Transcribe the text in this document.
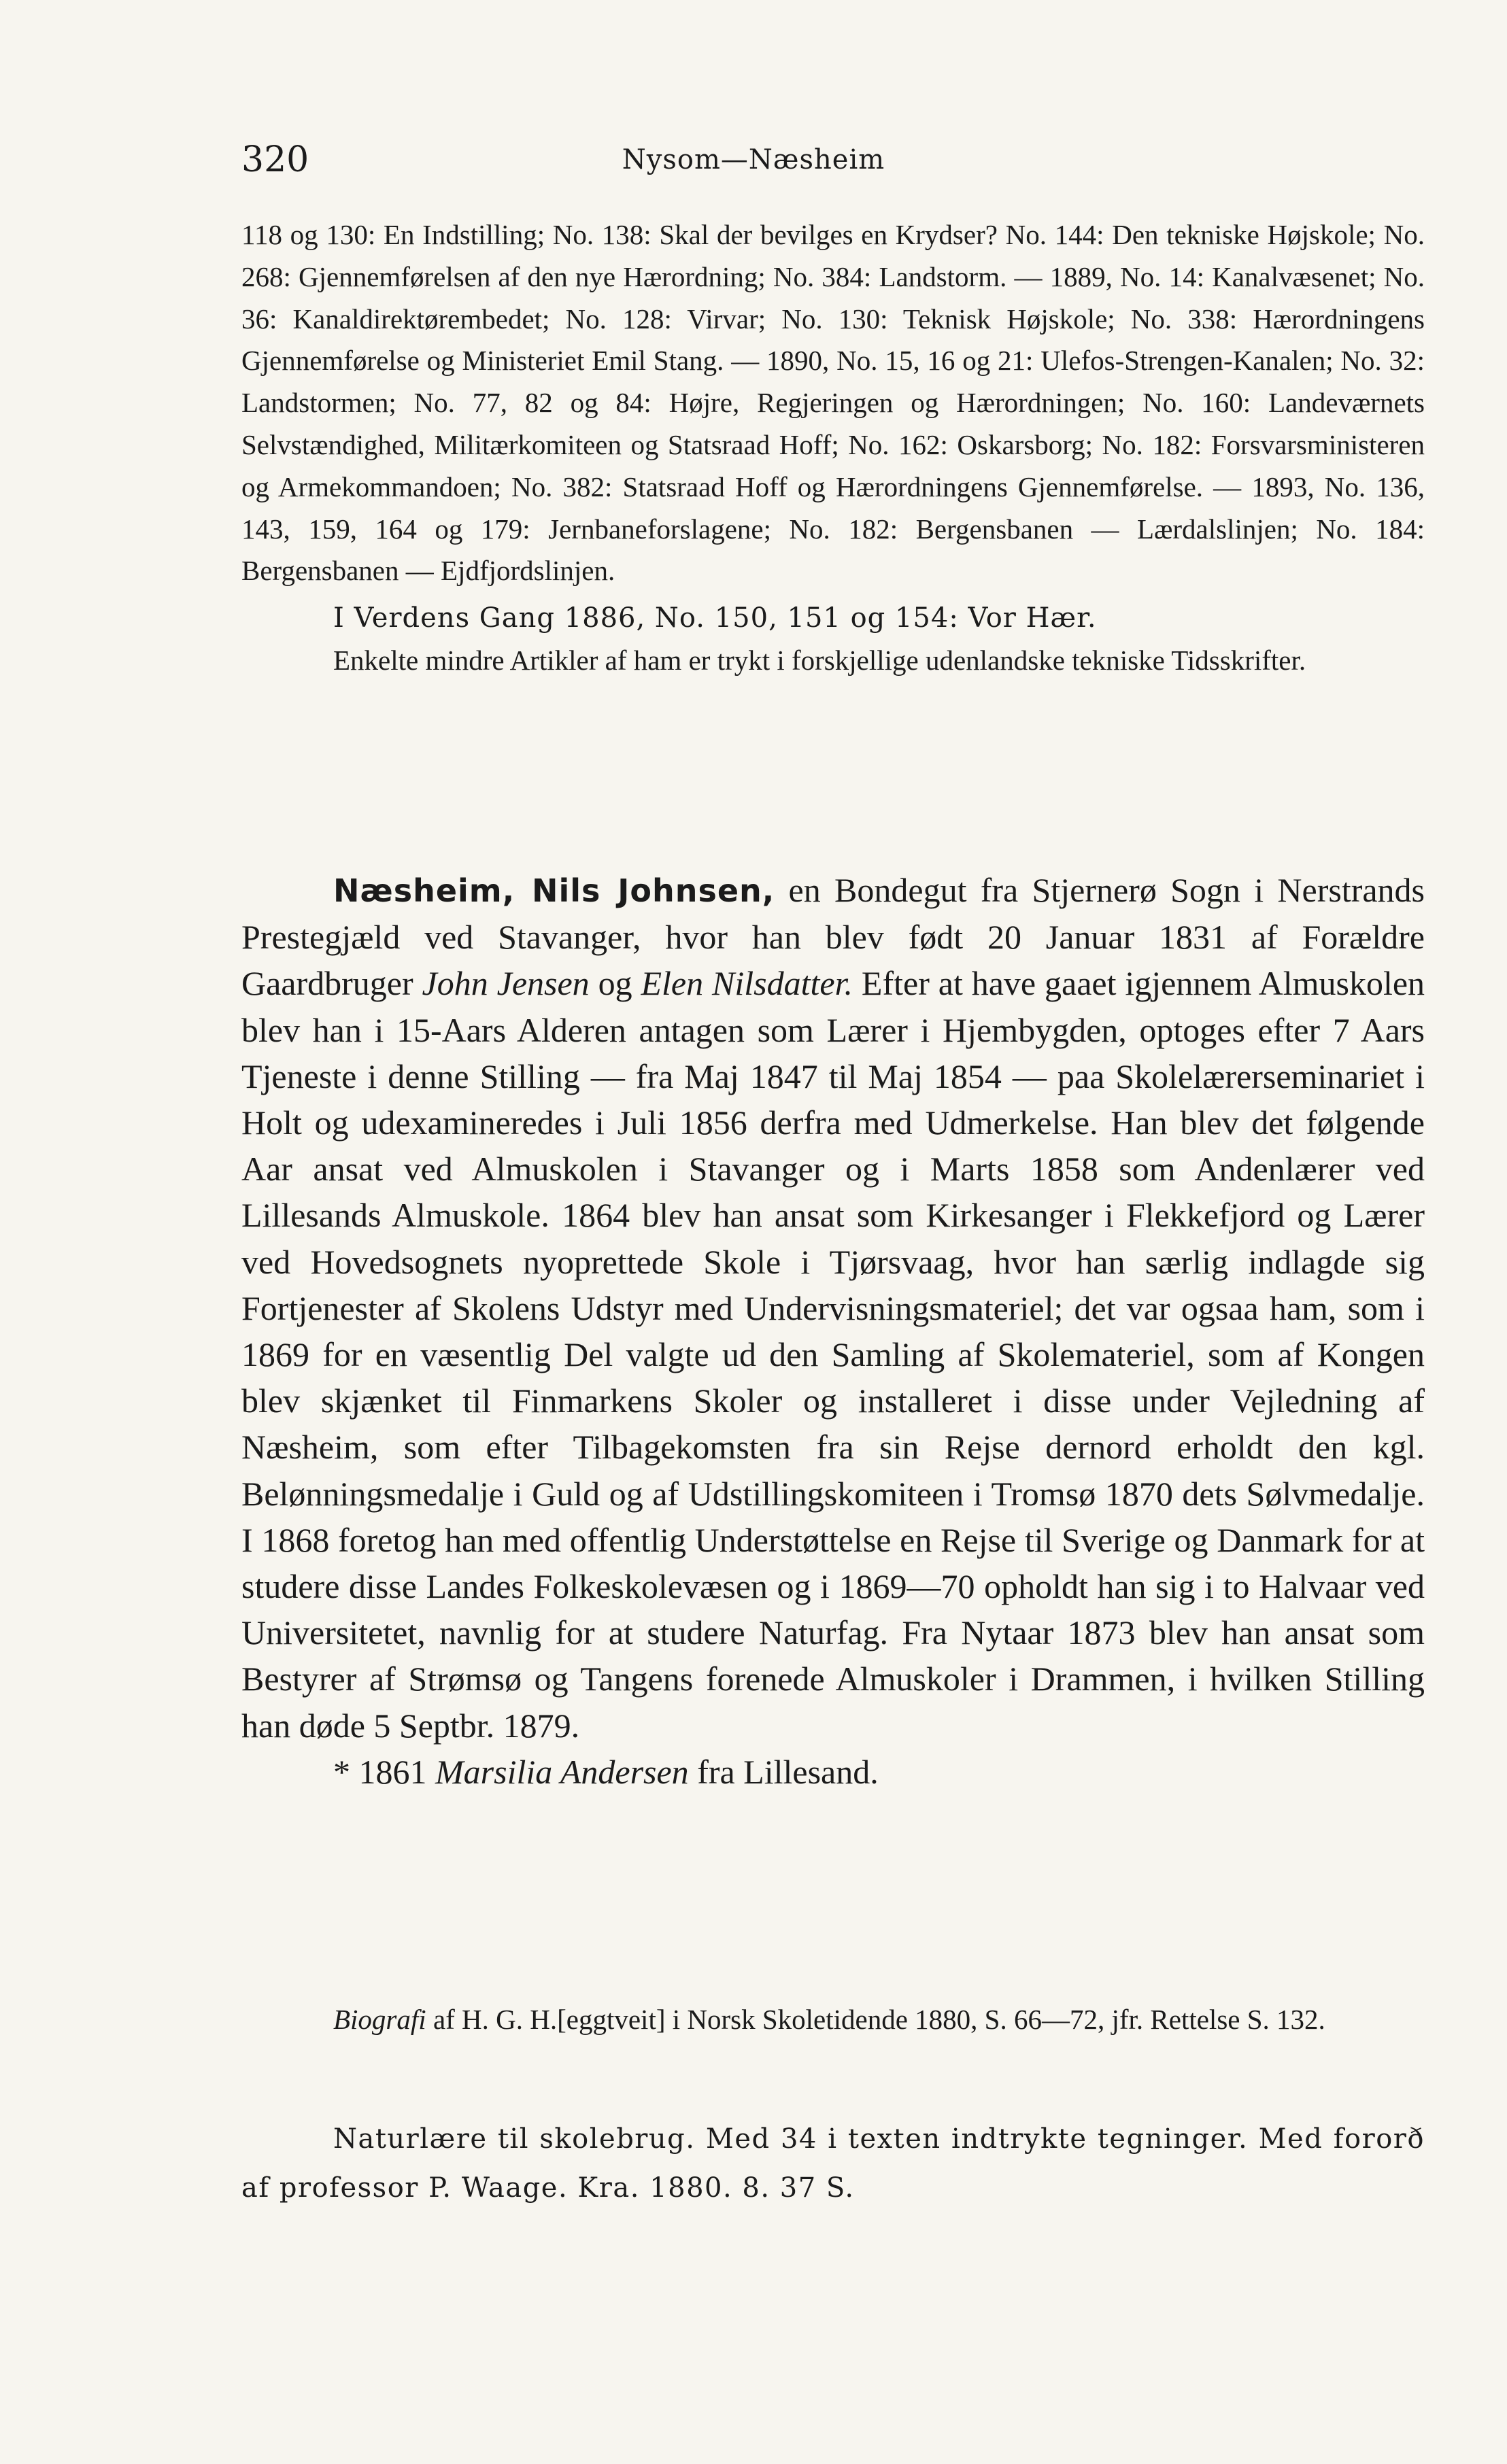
320	Nysom—Næsheim

118 og 130: En Indstilling; No. 138: Skal der bevilges en Krydser? No. 144: Den tekniske Højskole; No. 268: Gjennemførelsen af den nye Hærordning; No. 384: Landstorm. — 1889, No. 14: Kanalvæsenet; No. 36: Kanaldirektørembedet; No. 128: Virvar; No. 130: Teknisk Højskole; No. 338: Hærordningens Gjennemførelse og Ministeriet Emil Stang. — 1890, No. 15, 16 og 21: Ulefos-Strengen-Kanalen; No. 32: Landstormen; No. 77, 82 og 84: Højre, Regjeringen og Hærordningen; No. 160: Landeværnets Selvstændighed, Militærkomiteen og Statsraad Hoff; No. 162: Oskarsborg; No. 182: Forsvarsministeren og Armekommandoen; No. 382: Statsraad Hoff og Hærordningens Gjennemførelse. — 1893, No. 136, 143, 159, 164 og 179: Jernbaneforslagene; No. 182: Bergensbanen — Lærdalslinjen; No. 184: Bergensbanen — Ejdfjordslinjen.

I Verdens Gang 1886, No. 150, 151 og 154: Vor Hær.

Enkelte mindre Artikler af ham er trykt i forskjellige udenlandske tekniske Tidsskrifter.

Næsheim, Nils Johnsen, en Bondegut fra Stjernerø Sogn i Nerstrands Prestegjæld ved Stavanger, hvor han blev født 20 Januar 1831 af Forældre Gaardbruger John Jensen og Elen Nilsdatter. Efter at have gaaet igjennem Almuskolen blev han i 15-Aars Alderen antagen som Lærer i Hjembygden, optoges efter 7 Aars Tjeneste i denne Stilling — fra Maj 1847 til Maj 1854 — paa Skolelærerseminariet i Holt og udexamineredes i Juli 1856 derfra med Udmerkelse. Han blev det følgende Aar ansat ved Almuskolen i Stavanger og i Marts 1858 som Andenlærer ved Lillesands Almuskole. 1864 blev han ansat som Kirkesanger i Flekkefjord og Lærer ved Hovedsognets nyoprettede Skole i Tjørsvaag, hvor han særlig indlagde sig Fortjenester af Skolens Udstyr med Undervisningsmateriel; det var ogsaa ham, som i 1869 for en væsentlig Del valgte ud den Samling af Skolemateriel, som af Kongen blev skjænket til Finmarkens Skoler og installeret i disse under Vejledning af Næsheim, som efter Tilbagekomsten fra sin Rejse dernord erholdt den kgl. Belønningsmedalje i Guld og af Udstillingskomiteen i Tromsø 1870 dets Sølvmedalje. I 1868 foretog han med offentlig Understøttelse en Rejse til Sverige og Danmark for at studere disse Landes Folkeskolevæsen og i 1869—70 opholdt han sig i to Halvaar ved Universitetet, navnlig for at studere Naturfag. Fra Nytaar 1873 blev han ansat som Bestyrer af Strømsø og Tangens forenede Almuskoler i Drammen, i hvilken Stilling han døde 5 Septbr. 1879.

* 1861 Marsilia Andersen fra Lillesand.

Biografi af H. G. H.[eggtveit] i Norsk Skoletidende 1880, S. 66—72, jfr. Rettelse S. 132.

Naturlære til skolebrug. Med 34 i texten indtrykte tegninger. Med fororð af professor P. Waage. Kra. 1880. 8. 37 S.
